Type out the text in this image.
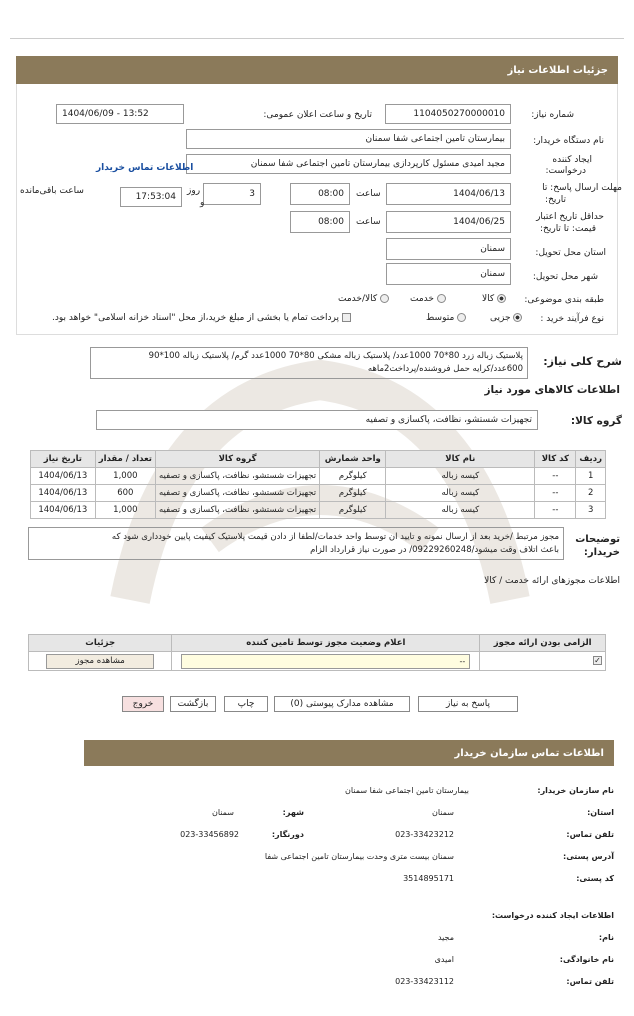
جزئیات اطلاعات نیاز
شماره نیاز:
1104050270000010
تاریخ و ساعت اعلان عمومی:
1404/06/09 - 13:52
نام دستگاه خریدار:
بیمارستان تامین اجتماعی شفا سمنان
ایجاد کننده
درخواست:
مجید امیدی مسئول کارپردازی بیمارستان تامین اجتماعی شفا سمنان
اطلاعات تماس خریدار
مهلت ارسال پاسخ: تا
تاریخ:
1404/06/13
ساعت
08:00
روز	3
و
17:53:04
ساعت باقی‌مانده
حداقل تاریخ اعتبار
قیمت: تا تاریخ:
1404/06/25
ساعت
08:00
استان محل تحویل:
سمنان
شهر محل تحویل:
سمنان
طبقه بندی موضوعی:
کالا
خدمت
کالا/خدمت
نوع فرآیند خرید :
جزیی
متوسط
پرداخت تمام یا بخشی از مبلغ خرید،از محل "اسناد خزانه اسلامی" خواهد بود.
شرح کلی نیاز:
پلاستیک زباله زرد 80*70 1000عدد/ پلاستیک زباله مشکی 80*70 1000عدد گرم/ پلاستیک زباله 100*90
600عدد/کرایه حمل فروشنده/پرداخت2ماهه
اطلاعات کالاهای مورد نیاز
گروه کالا:
تجهیزات شستشو، نظافت، پاکسازی و تصفیه
ردیف	کد کالا	نام کالا	واحد شمارش	گروه کالا	تعداد / مقدار	تاریخ نیاز
1	--	کیسه زباله	کیلوگرم	تجهیزات شستشو، نظافت، پاکسازی و تصفیه	1,000	1404/06/13
2	--	کیسه زباله	کیلوگرم	تجهیزات شستشو، نظافت، پاکسازی و تصفیه	600	1404/06/13
3	--	کیسه زباله	کیلوگرم	تجهیزات شستشو، نظافت، پاکسازی و تصفیه	1,000	1404/06/13
توضیحات
خریدار:
مجوز مرتبط /خرید بعد از ارسال نمونه و تایید ان توسط واحد خدمات/لطفا از دادن قیمت پلاستیک کیفیت پایین خودداری شود که
باعث اتلاف وقت میشود/09229260248/ در صورت نیاز قرارداد الزام
اطلاعات مجوزهای ارائه خدمت / کالا
الزامی بودن ارائه مجوز	اعلام وضعیت مجوز توسط تامین کننده	جزئیات
✓	--	مشاهده مجوز
پاسخ به نیاز
مشاهده مدارک پیوستی (0)
چاپ
بازگشت
خروج
اطلاعات تماس سازمان خریدار
نام سازمان خریدار:
بیمارستان تامین اجتماعی شفا سمنان
استان:
سمنان
شهر:
سمنان
تلفن تماس:
023-33423212
دورنگار:
023-33456892
آدرس پستی:
سمنان بیست متری وحدت بیمارستان تامین اجتماعی شفا
کد پستی:
3514895171
اطلاعات ایجاد کننده درخواست:
نام:
مجید
نام خانوادگی:
امیدی
تلفن تماس:
023-33423112
